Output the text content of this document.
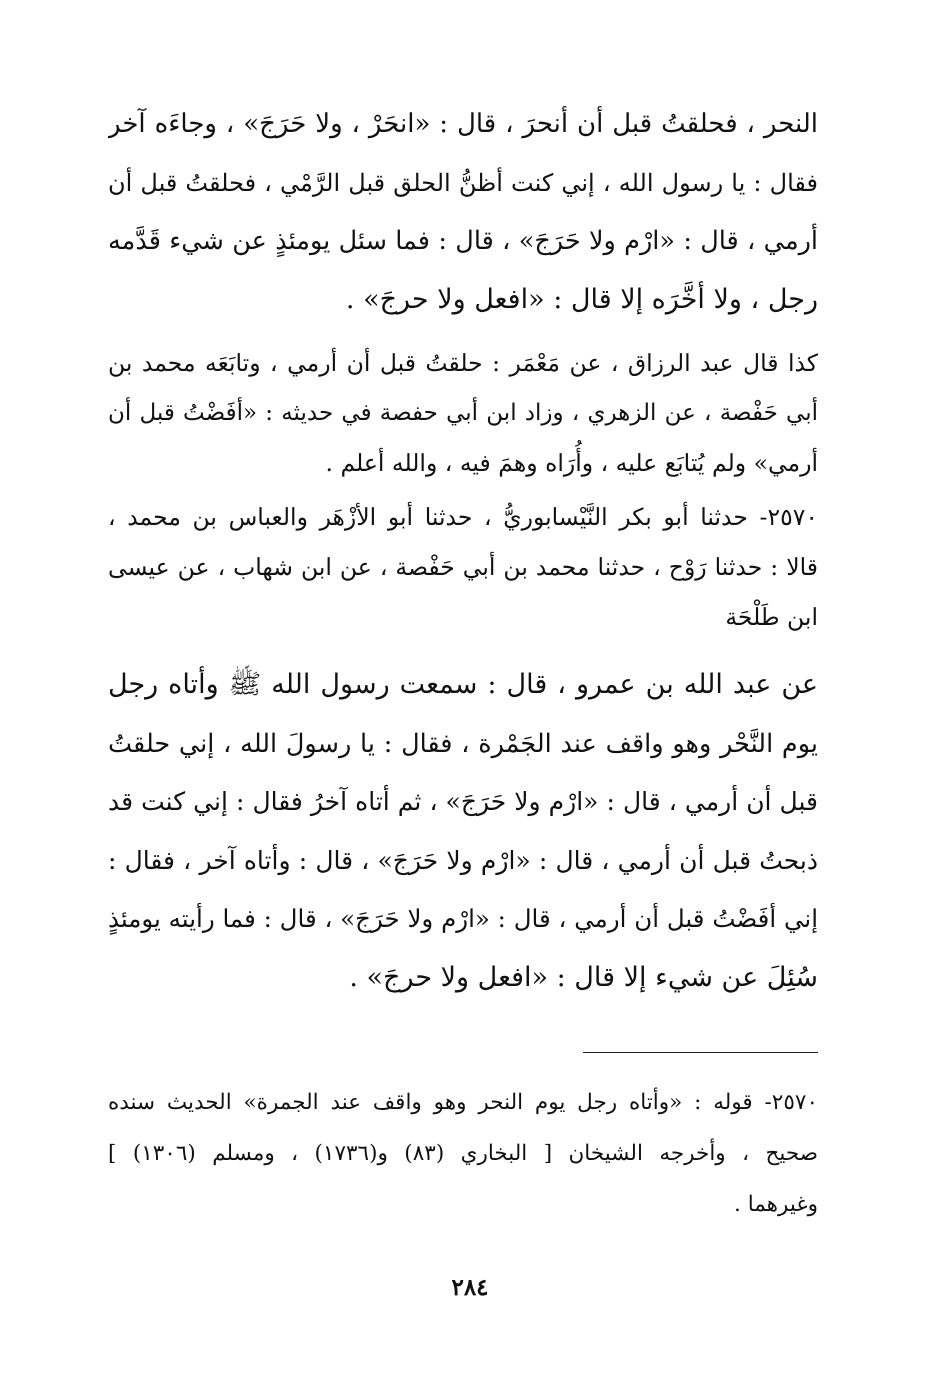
النحر ، فحلقتُ قبل أن أنحرَ ، قال : «انحَرْ ، ولا حَرَجَ» ، وجاءَه آخر
فقال : يا رسول الله ، إني كنت أظنُّ الحلق قبل الرَّمْي ، فحلقتُ قبل أن
أرمي ، قال : «ارْم ولا حَرَجَ» ، قال : فما سئل يومئذٍ عن شيء قَدَّمه
رجل ، ولا أخَّرَه إلا قال : «افعل ولا حرجَ» .
كذا قال عبد الرزاق ، عن مَعْمَر : حلقتُ قبل أن أرمي ، وتابَعَه محمد بن
أبي حَفْصة ، عن الزهري ، وزاد ابن أبي حفصة في حديثه : «أفَضْتُ قبل أن
أرمي» ولم يُتابَع عليه ، وأُرَاه وهمَ فيه ، والله أعلم .
٢٥٧٠- حدثنا أبو بكر النَّيْسابوريُّ ، حدثنا أبو الأزْهَر والعباس بن محمد ،
قالا : حدثنا رَوْح ، حدثنا محمد بن أبي حَفْصة ، عن ابن شهاب ، عن عيسى
ابن طَلْحَة
عن عبد الله بن عمرو ، قال : سمعت رسول الله ﷺ وأتاه رجل
يوم النَّحْر وهو واقف عند الجَمْرة ، فقال : يا رسولَ الله ، إني حلقتُ
قبل أن أرمي ، قال : «ارْم ولا حَرَجَ» ، ثم أتاه آخرُ فقال : إني كنت قد
ذبحتُ قبل أن أرمي ، قال : «ارْم ولا حَرَجَ» ، قال : وأتاه آخر ، فقال :
إني أفَضْتُ قبل أن أرمي ، قال : «ارْم ولا حَرَجَ» ، قال : فما رأيته يومئذٍ
سُئِلَ عن شيء إلا قال : «افعل ولا حرجَ» .
٢٥٧٠- قوله : «وأتاه رجل يوم النحر وهو واقف عند الجمرة» الحديث سنده
صحيح ، وأخرجه الشيخان [ البخاري (٨٣) و(١٧٣٦) ، ومسلم (١٣٠٦) ]
وغيرهما .
٢٨٤
